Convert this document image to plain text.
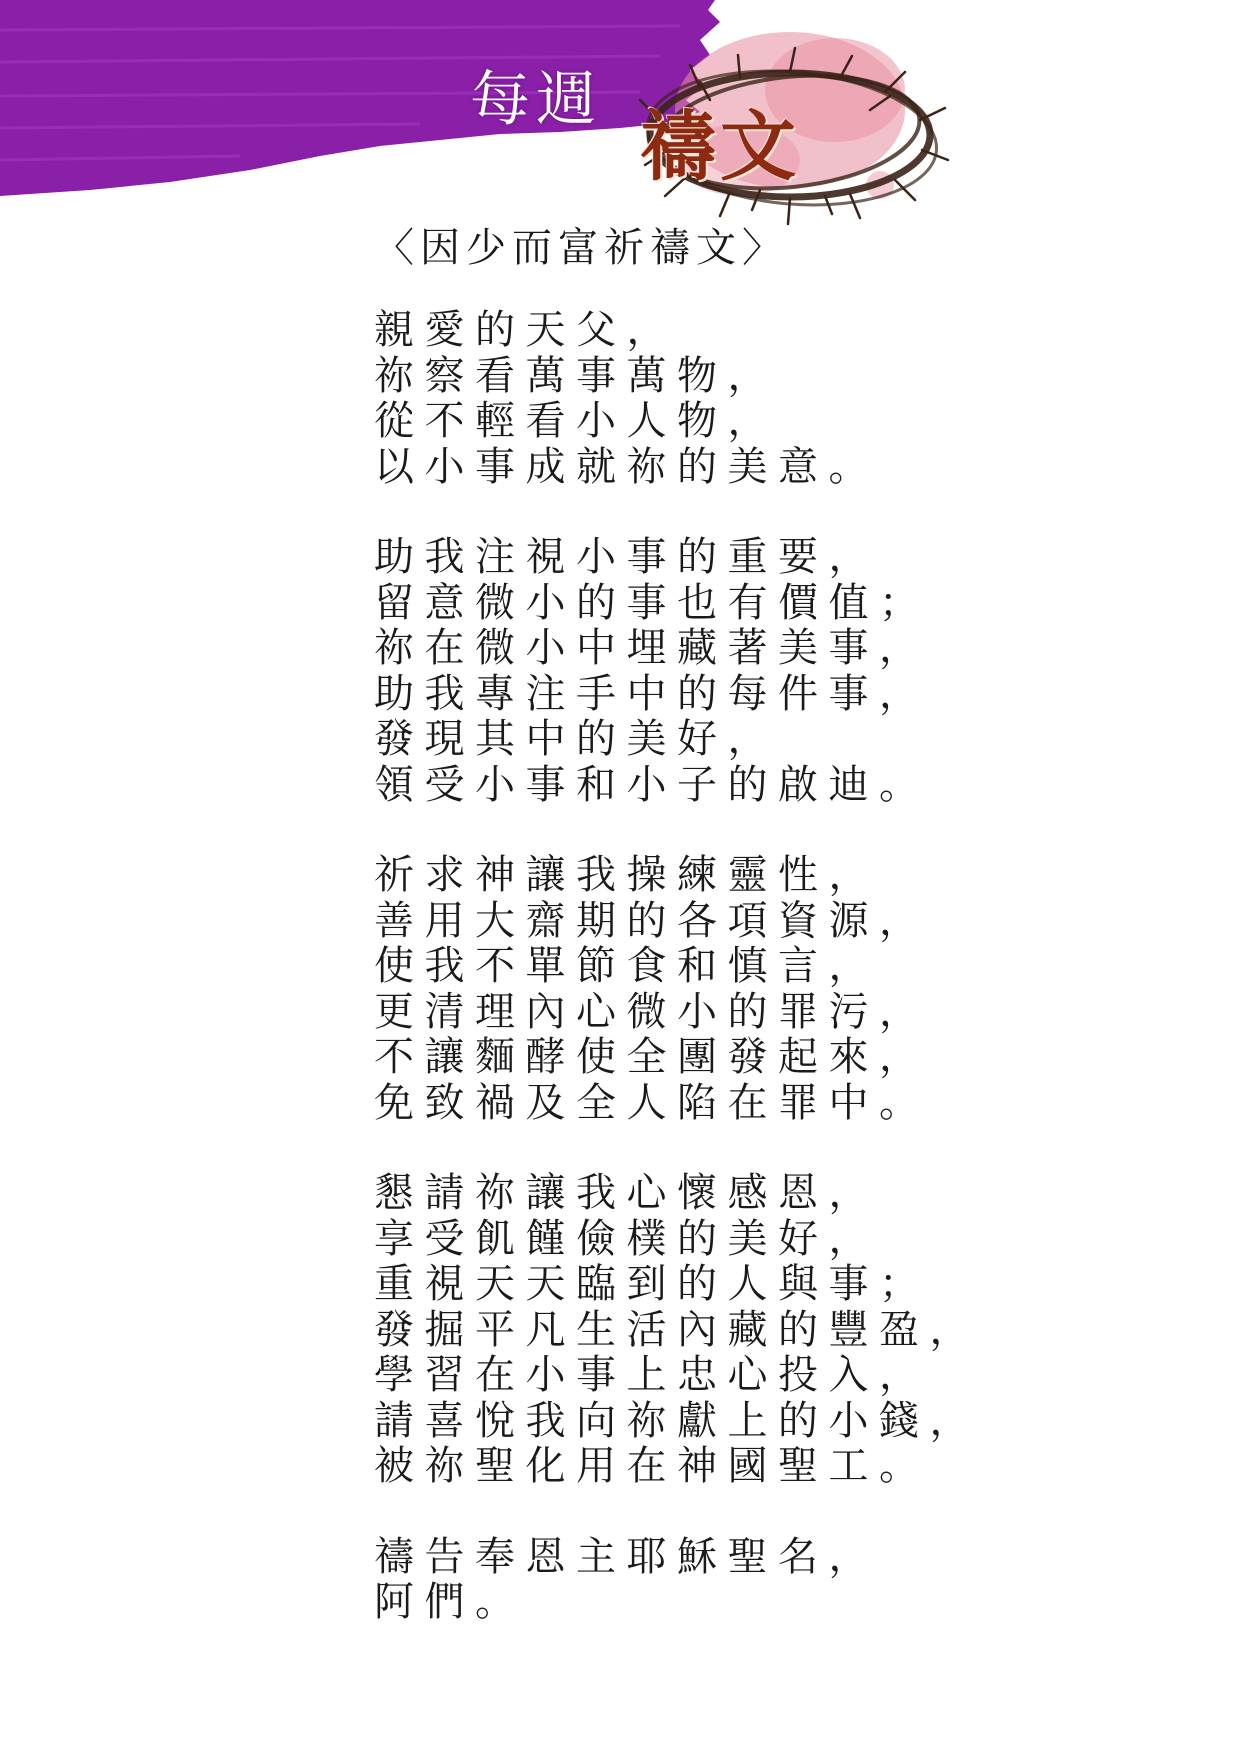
每週
禱文
〈因少而富祈禱文〉
親愛的天父，
祢察看萬事萬物，
從不輕看小人物，
以小事成就祢的美意。
助我注視小事的重要，
留意微小的事也有價值；
祢在微小中埋藏著美事，
助我專注手中的每件事，
發現其中的美好，
領受小事和小子的啟迪。
祈求神讓我操練靈性，
善用大齋期的各項資源，
使我不單節食和慎言，
更清理內心微小的罪污，
不讓麵酵使全團發起來，
免致禍及全人陷在罪中。
懇請祢讓我心懷感恩，
享受飢饉儉樸的美好，
重視天天臨到的人與事；
發掘平凡生活內藏的豐盈，
學習在小事上忠心投入，
請喜悅我向祢獻上的小錢，
被祢聖化用在神國聖工。
禱告奉恩主耶穌聖名，
阿們。
